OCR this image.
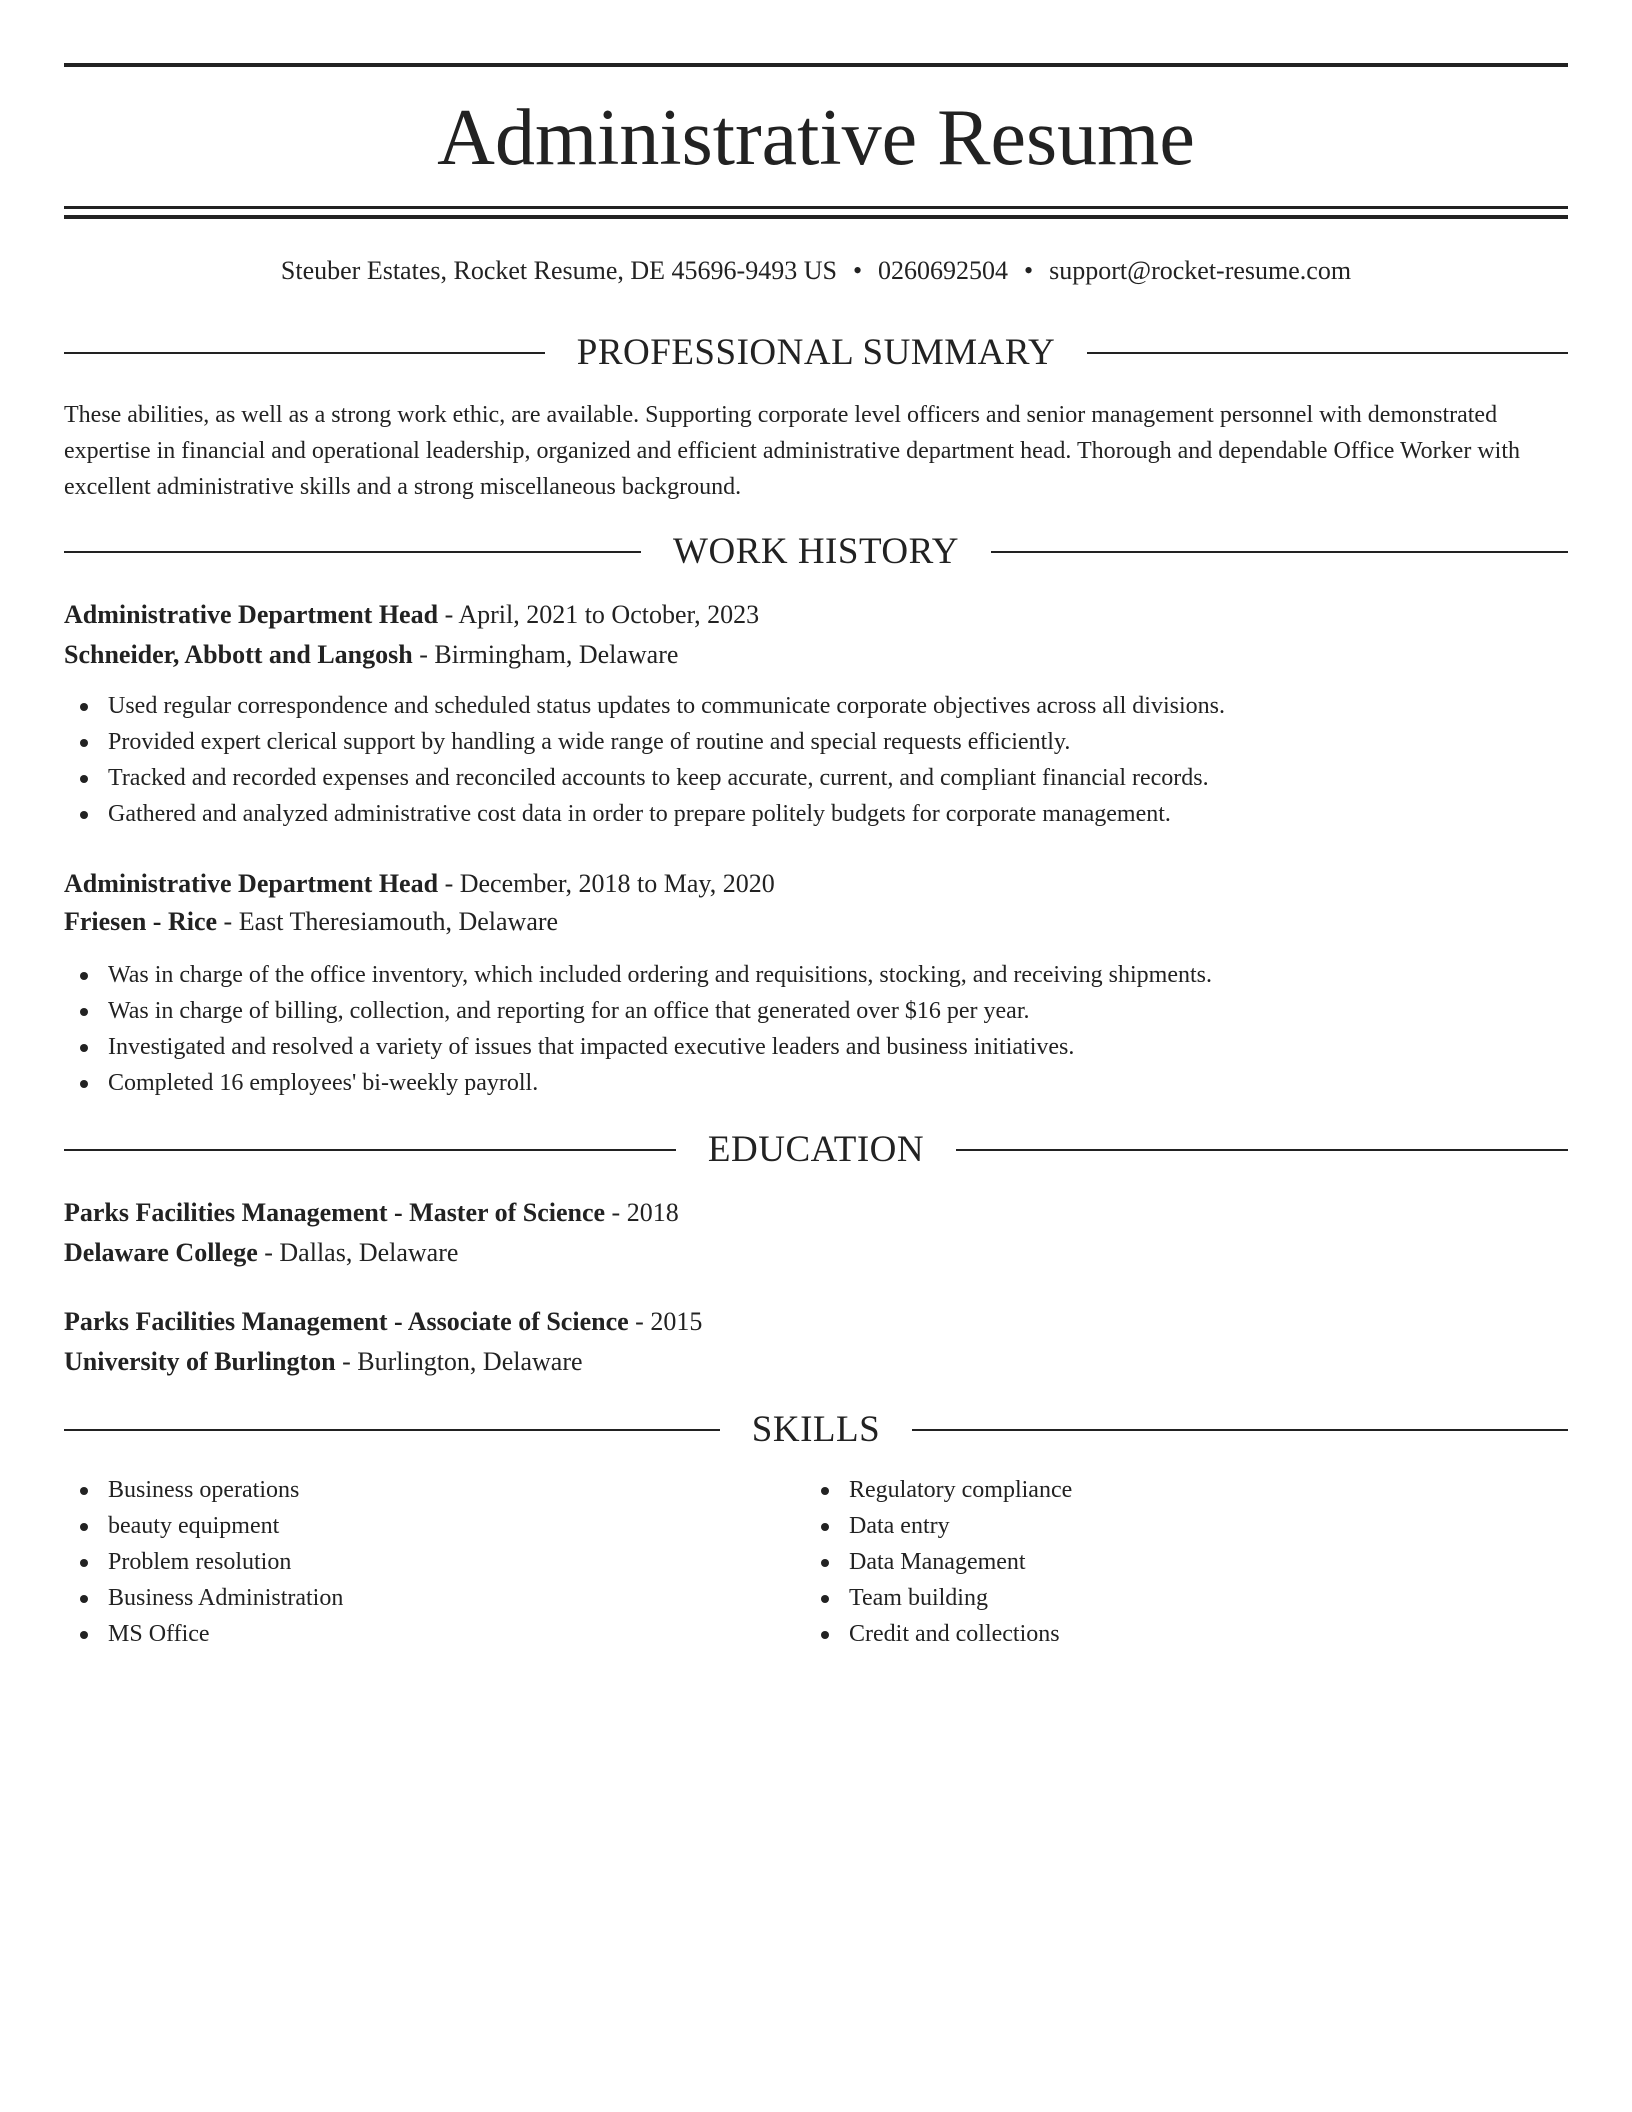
Administrative Resume
Steuber Estates, Rocket Resume, DE 45696-9493 US • 0260692504 • support@rocket-resume.com
PROFESSIONAL SUMMARY
These abilities, as well as a strong work ethic, are available. Supporting corporate level officers and senior management personnel with demonstrated expertise in financial and operational leadership, organized and efficient administrative department head. Thorough and dependable Office Worker with excellent administrative skills and a strong miscellaneous background.
WORK HISTORY
Administrative Department Head - April, 2021 to October, 2023
Schneider, Abbott and Langosh - Birmingham, Delaware
Used regular correspondence and scheduled status updates to communicate corporate objectives across all divisions.
Provided expert clerical support by handling a wide range of routine and special requests efficiently.
Tracked and recorded expenses and reconciled accounts to keep accurate, current, and compliant financial records.
Gathered and analyzed administrative cost data in order to prepare politely budgets for corporate management.
Administrative Department Head - December, 2018 to May, 2020
Friesen - Rice - East Theresiamouth, Delaware
Was in charge of the office inventory, which included ordering and requisitions, stocking, and receiving shipments.
Was in charge of billing, collection, and reporting for an office that generated over $16 per year.
Investigated and resolved a variety of issues that impacted executive leaders and business initiatives.
Completed 16 employees' bi-weekly payroll.
EDUCATION
Parks Facilities Management - Master of Science - 2018
Delaware College - Dallas, Delaware
Parks Facilities Management - Associate of Science - 2015
University of Burlington - Burlington, Delaware
SKILLS
Business operations
beauty equipment
Problem resolution
Business Administration
MS Office
Regulatory compliance
Data entry
Data Management
Team building
Credit and collections
